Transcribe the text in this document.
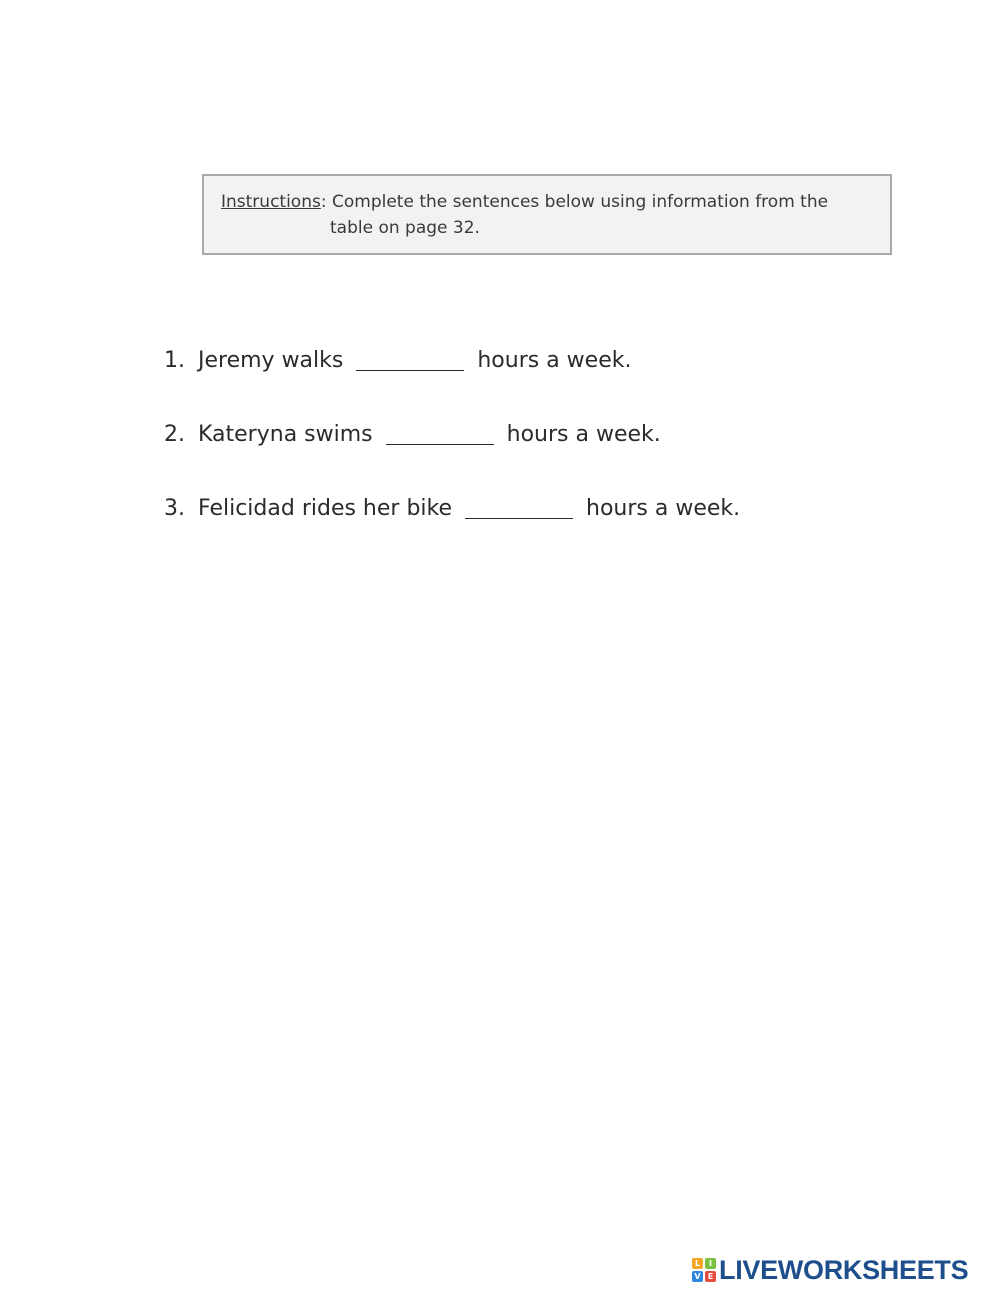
Instructions: Complete the sentences below using information from the
table on page 32.
1. Jeremy walks	hours a week.
2. Kateryna swims	hours a week.
3. Felicidad rides her bike	hours a week.
L	I
V E LIVEWORKSHEETS
